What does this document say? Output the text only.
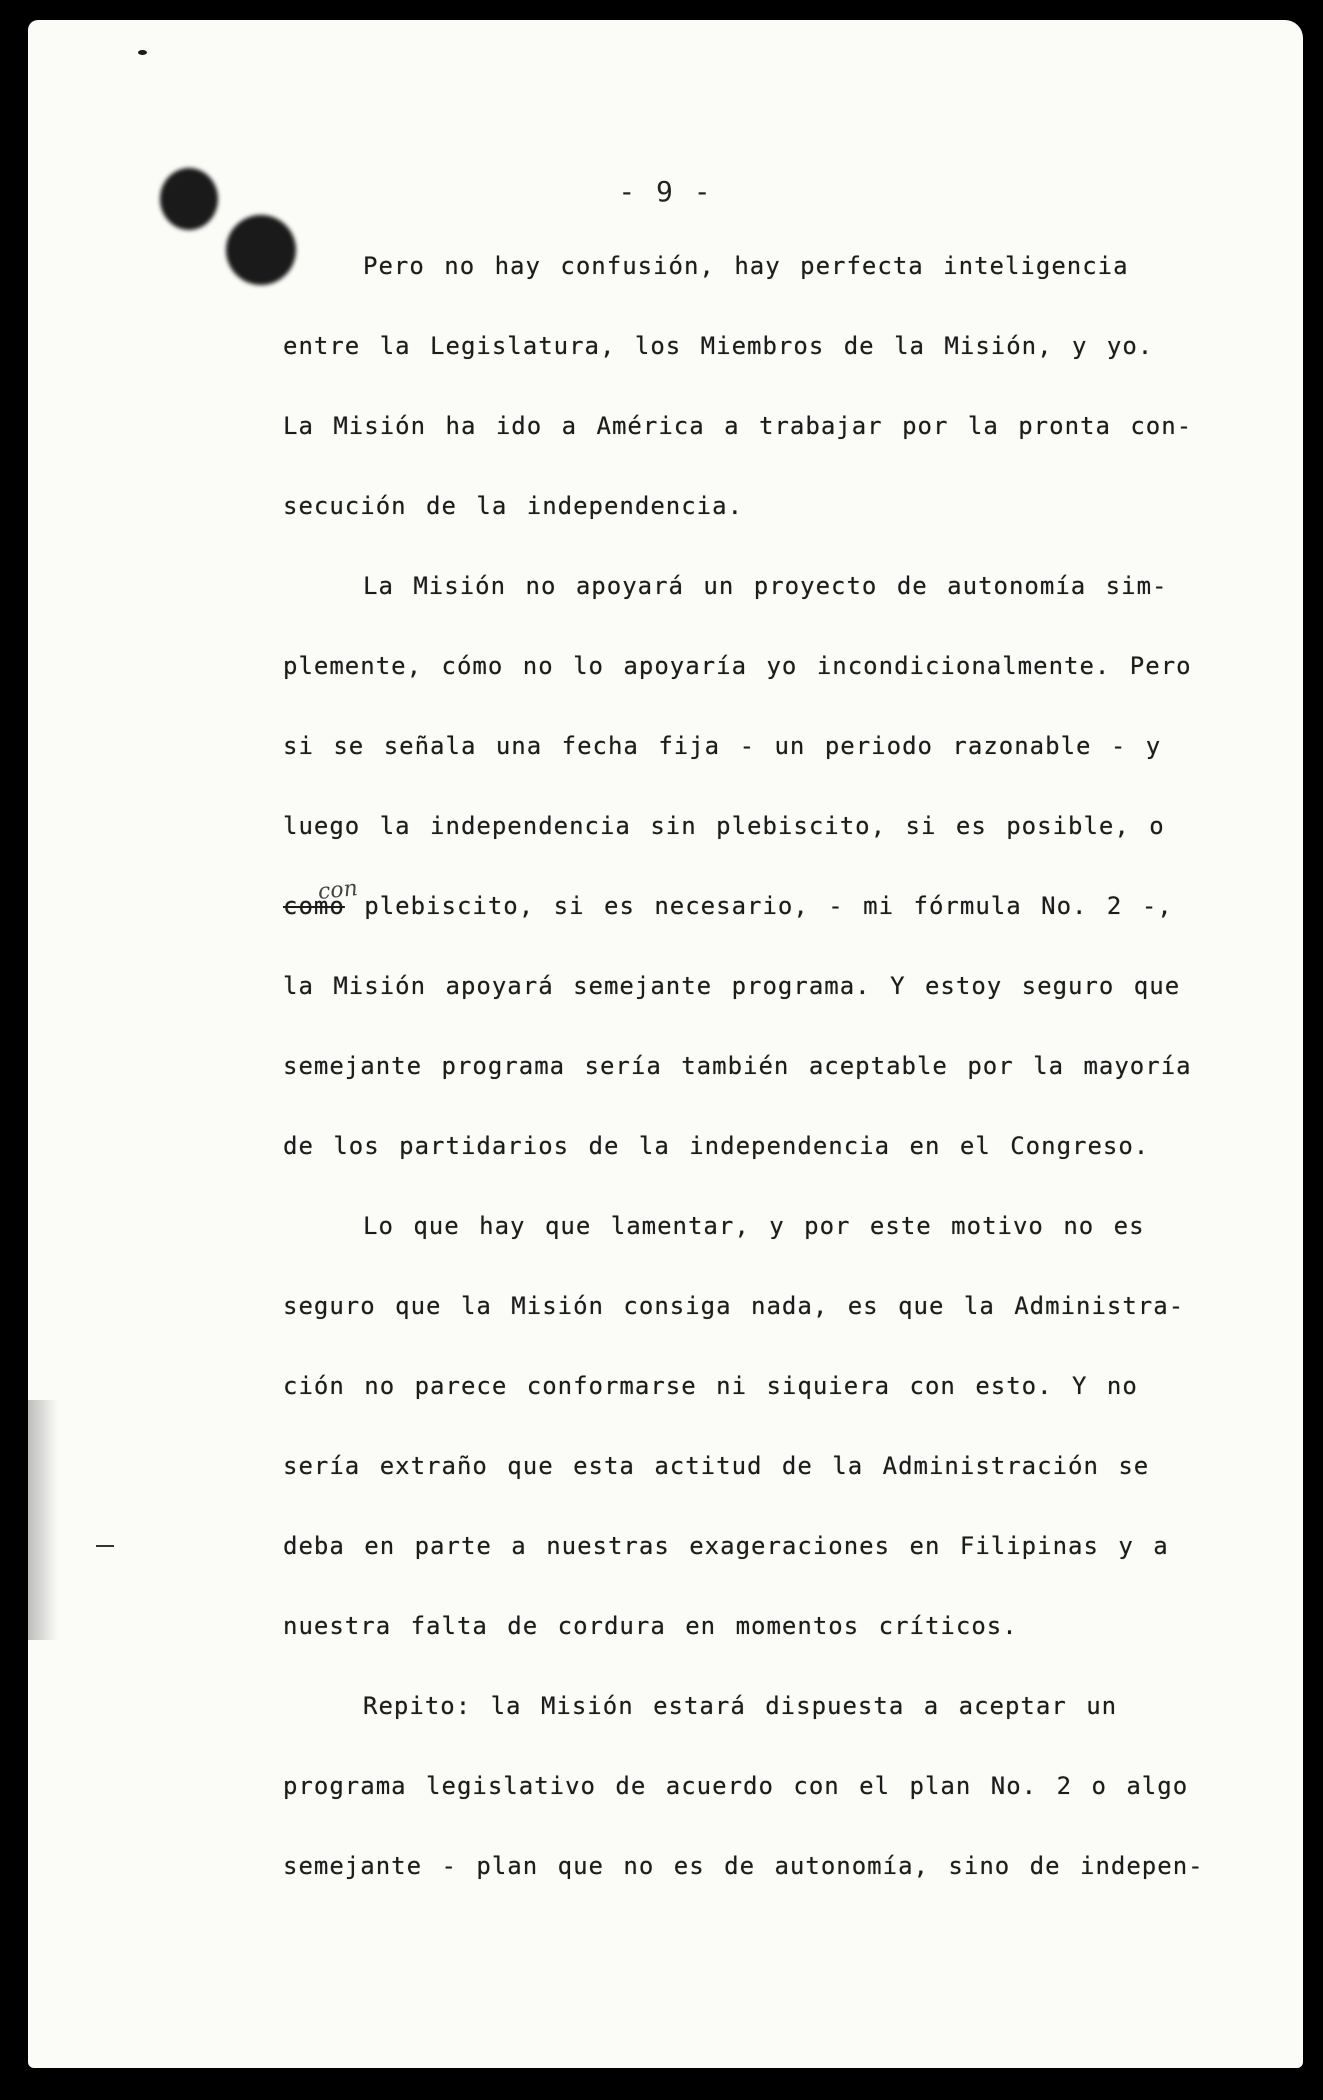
- 9 -
Pero no hay confusión, hay perfecta inteligencia
entre la Legislatura, los Miembros de la Misión, y yo.
La Misión ha ido a América a trabajar por la pronta con-
secución de la independencia.
La Misión no apoyará un proyecto de autonomía sim-
plemente, cómo no lo apoyaría yo incondicionalmente. Pero
si se señala una fecha fija - un periodo razonable - y
luego la independencia sin plebiscito, si es posible, o
con
como plebiscito, si es necesario, - mi fórmula No. 2 -,
la Misión apoyará semejante programa. Y estoy seguro que
semejante programa sería también aceptable por la mayoría
de los partidarios de la independencia en el Congreso.
Lo que hay que lamentar, y por este motivo no es
seguro que la Misión consiga nada, es que la Administra-
ción no parece conformarse ni siquiera con esto. Y no
sería extraño que esta actitud de la Administración se
deba en parte a nuestras exageraciones en Filipinas y a
nuestra falta de cordura en momentos críticos.
Repito: la Misión estará dispuesta a aceptar un
programa legislativo de acuerdo con el plan No. 2 o algo
semejante - plan que no es de autonomía, sino de indepen-
